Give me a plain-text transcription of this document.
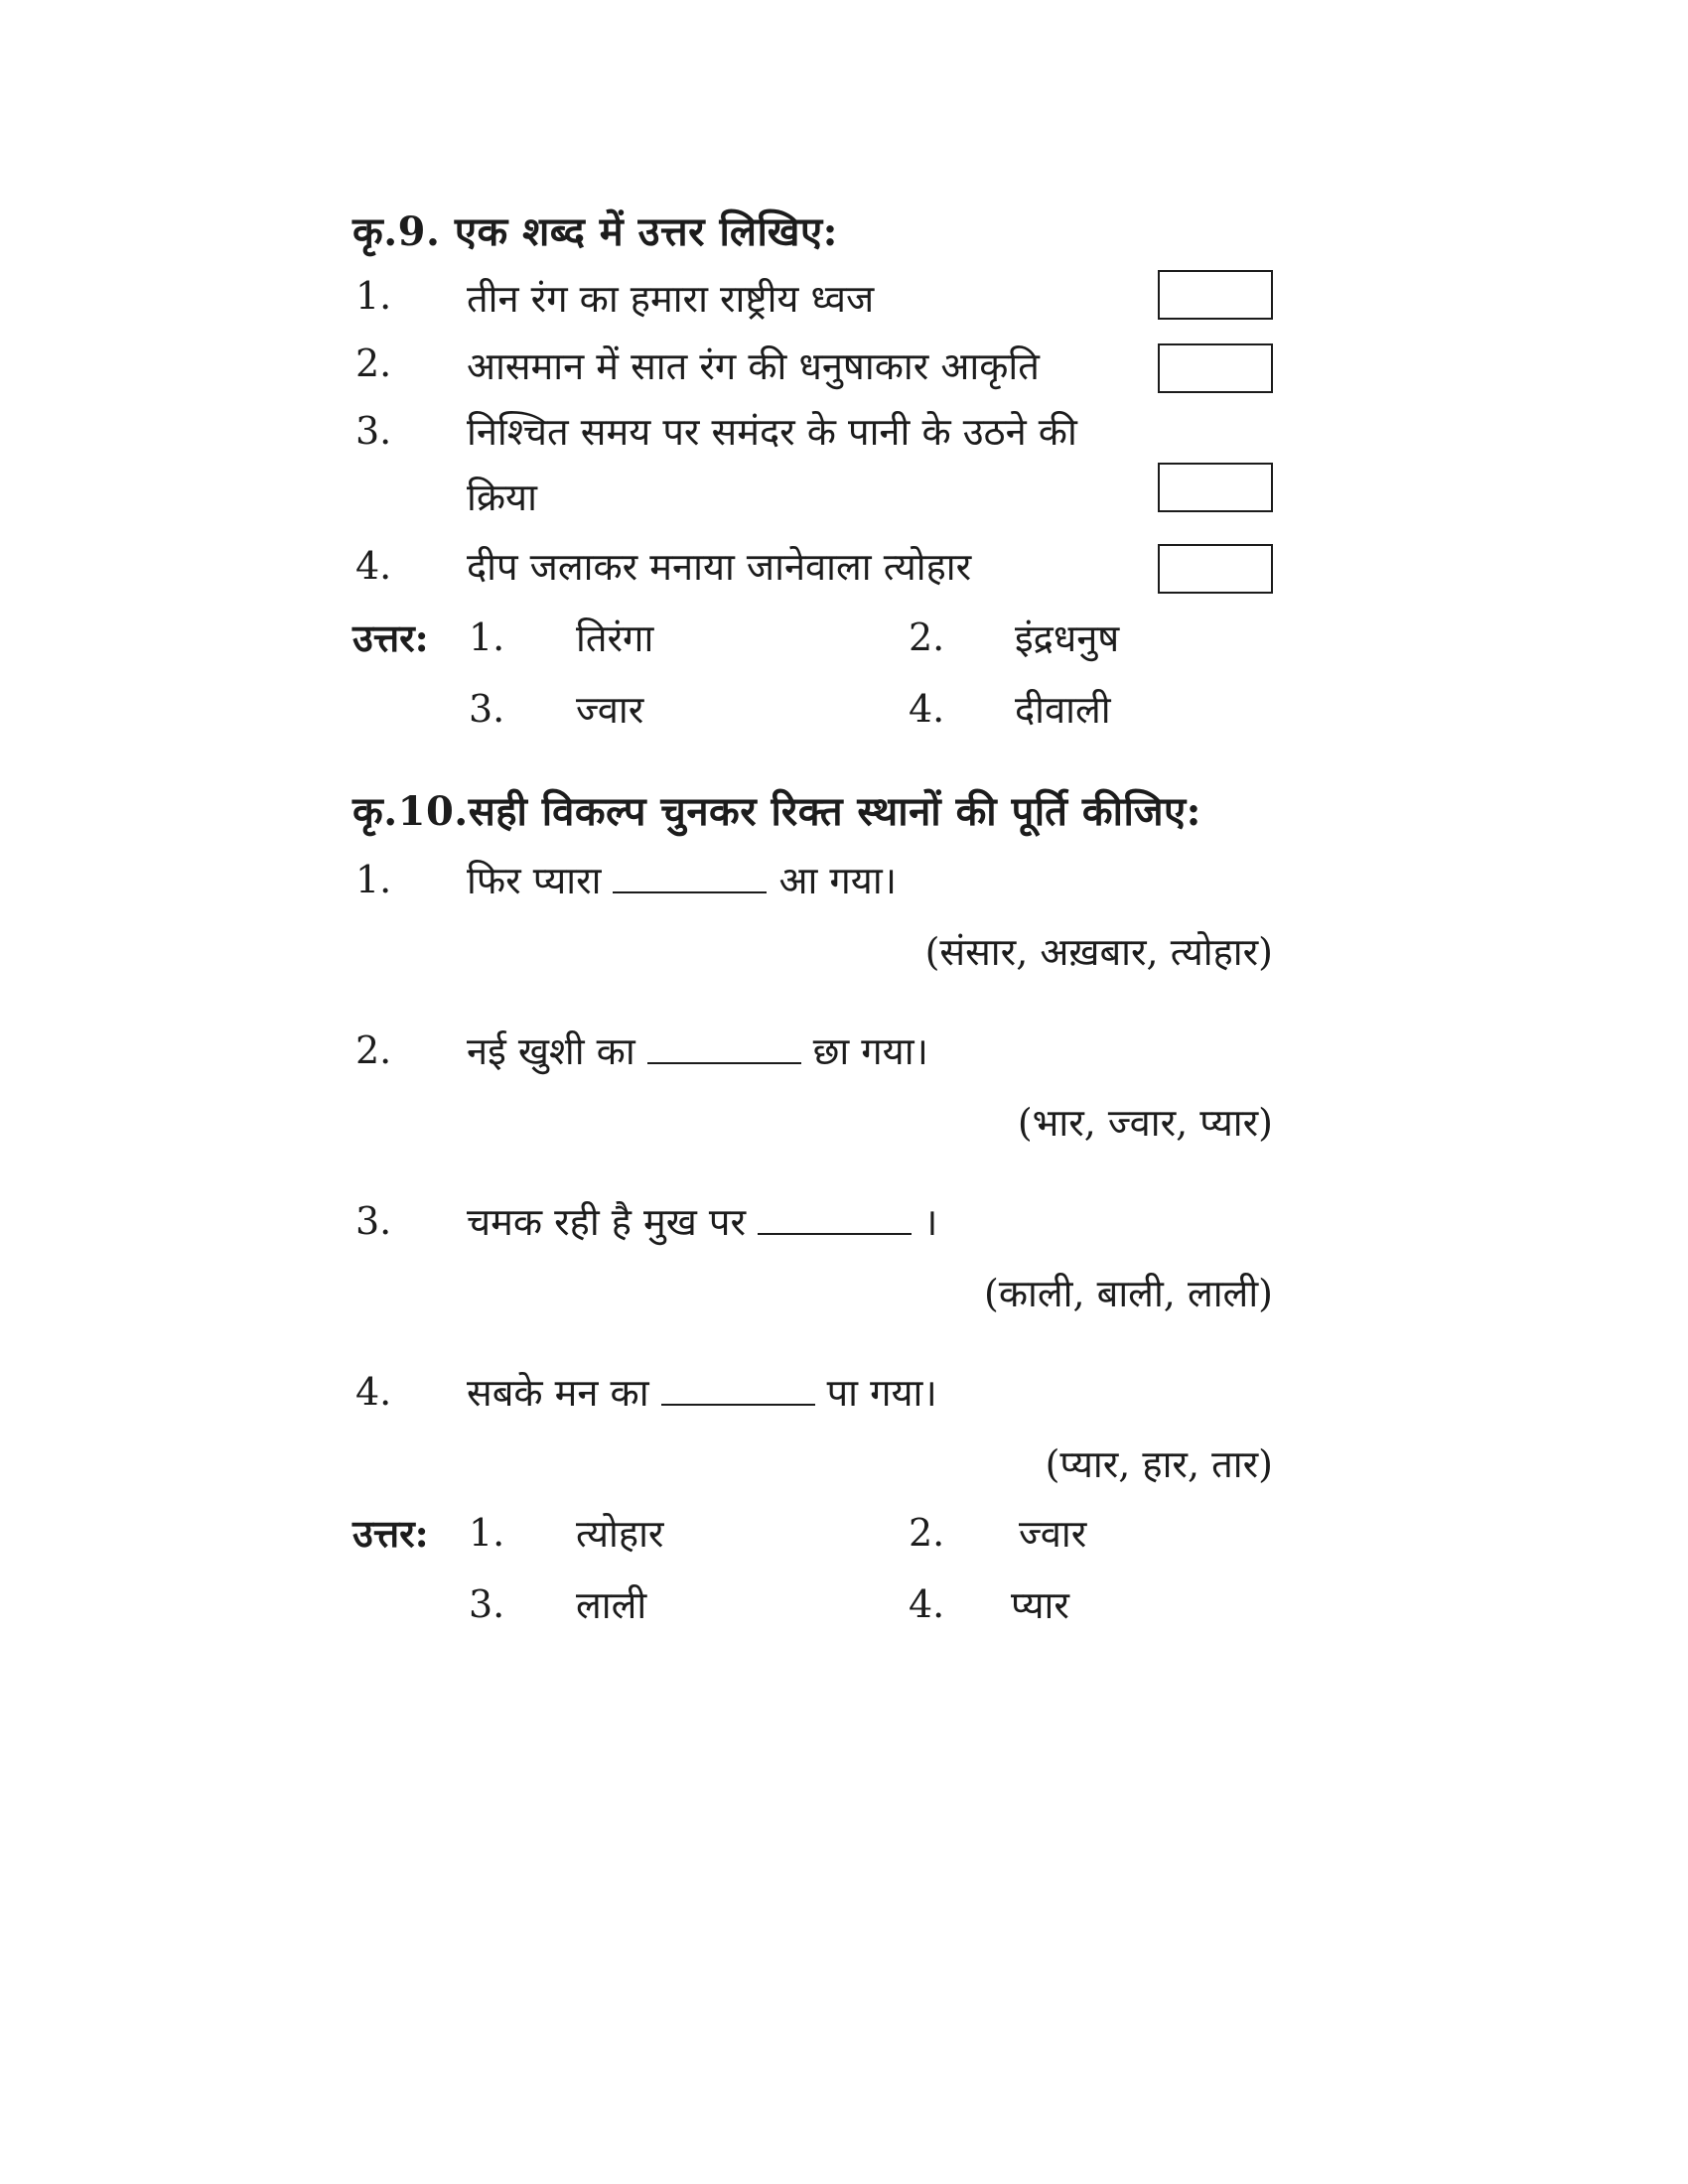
कृ.9. एक शब्द में उत्तर लिखिए:
1. तीन रंग का हमारा राष्ट्रीय ध्वज
2. आसमान में सात रंग की धनुषाकार आकृति
3. निश्चित समय पर समंदर के पानी के उठने की
क्रिया
4. दीप जलाकर मनाया जानेवाला त्योहार
उत्तर: 1. तिरंगा	2. इंद्रधनुष
3. ज्वार	4. दीवाली
कृ.10.सही विकल्प चुनकर रिक्त स्थानों की पूर्ति कीजिए:
1. फिर प्यारा	आ गया।
(संसार, अख़बार, त्योहार)
2. नई खुशी का	छा गया।
(भार, ज्वार, प्यार)
3. चमक रही है मुख पर	।
(काली, बाली, लाली)
4. सबके मन का	पा गया।
(प्यार, हार, तार)
उत्तर: 1. त्योहार	2. ज्वार
3. लाली	4. प्यार
